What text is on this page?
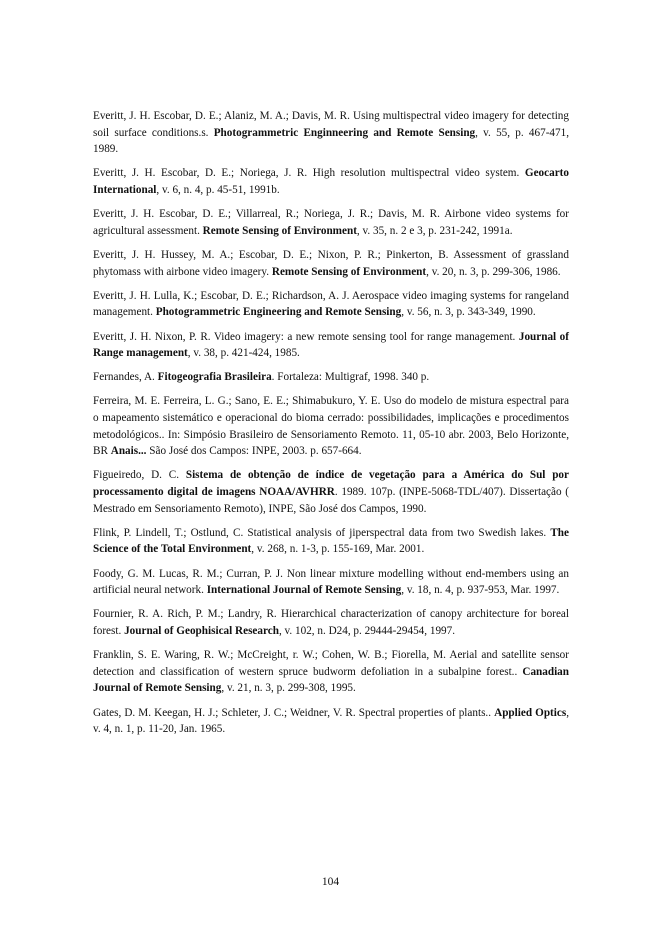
Everitt, J. H. Escobar, D. E.; Alaniz, M. A.; Davis, M. R. Using multispectral video imagery for detecting soil surface conditions.s. Photogrammetric Enginneering and Remote Sensing, v. 55, p. 467-471, 1989.

Everitt, J. H. Escobar, D. E.; Noriega, J. R. High resolution multispectral video system. Geocarto International, v. 6, n. 4, p. 45-51, 1991b.

Everitt, J. H. Escobar, D. E.; Villarreal, R.; Noriega, J. R.; Davis, M. R. Airbone video systems for agricultural assessment. Remote Sensing of Environment, v. 35, n. 2 e 3, p. 231-242, 1991a.

Everitt, J. H. Hussey, M. A.; Escobar, D. E.; Nixon, P. R.; Pinkerton, B. Assessment of grassland phytomass with airbone video imagery. Remote Sensing of Environment, v. 20, n. 3, p. 299-306, 1986.

Everitt, J. H. Lulla, K.; Escobar, D. E.; Richardson, A. J. Aerospace video imaging systems for rangeland management. Photogrammetric Engineering and Remote Sensing, v. 56, n. 3, p. 343-349, 1990.

Everitt, J. H. Nixon, P. R. Video imagery: a new remote sensing tool for range management. Journal of Range management, v. 38, p. 421-424, 1985.

Fernandes, A. Fitogeografia Brasileira. Fortaleza: Multigraf, 1998. 340 p.

Ferreira, M. E. Ferreira, L. G.; Sano, E. E.; Shimabukuro, Y. E. Uso do modelo de mistura espectral para o mapeamento sistemático e operacional do bioma cerrado: possibilidades, implicações e procedimentos metodológicos.. In: Simpósio Brasileiro de Sensoriamento Remoto. 11, 05-10 abr. 2003, Belo Horizonte, BR Anais... São José dos Campos: INPE, 2003. p. 657-664.

Figueiredo, D. C. Sistema de obtenção de índice de vegetação para a América do Sul por processamento digital de imagens NOAA/AVHRR. 1989. 107p. (INPE-5068-TDL/407). Dissertação ( Mestrado em Sensoriamento Remoto), INPE, São José dos Campos, 1990.

Flink, P. Lindell, T.; Ostlund, C. Statistical analysis of jiperspectral data from two Swedish lakes. The Science of the Total Environment, v. 268, n. 1-3, p. 155-169, Mar. 2001.

Foody, G. M. Lucas, R. M.; Curran, P. J. Non linear mixture modelling without end-members using an artificial neural network. International Journal of Remote Sensing, v. 18, n. 4, p. 937-953, Mar. 1997.

Fournier, R. A. Rich, P. M.; Landry, R. Hierarchical characterization of canopy architecture for boreal forest. Journal of Geophisical Research, v. 102, n. D24, p. 29444-29454, 1997.

Franklin, S. E. Waring, R. W.; McCreight, r. W.; Cohen, W. B.; Fiorella, M. Aerial and satellite sensor detection and classification of western spruce budworm defoliation in a subalpine forest.. Canadian Journal of Remote Sensing, v. 21, n. 3, p. 299-308, 1995.

Gates, D. M. Keegan, H. J.; Schleter, J. C.; Weidner, V. R. Spectral properties of plants.. Applied Optics, v. 4, n. 1, p. 11-20, Jan. 1965.

104
